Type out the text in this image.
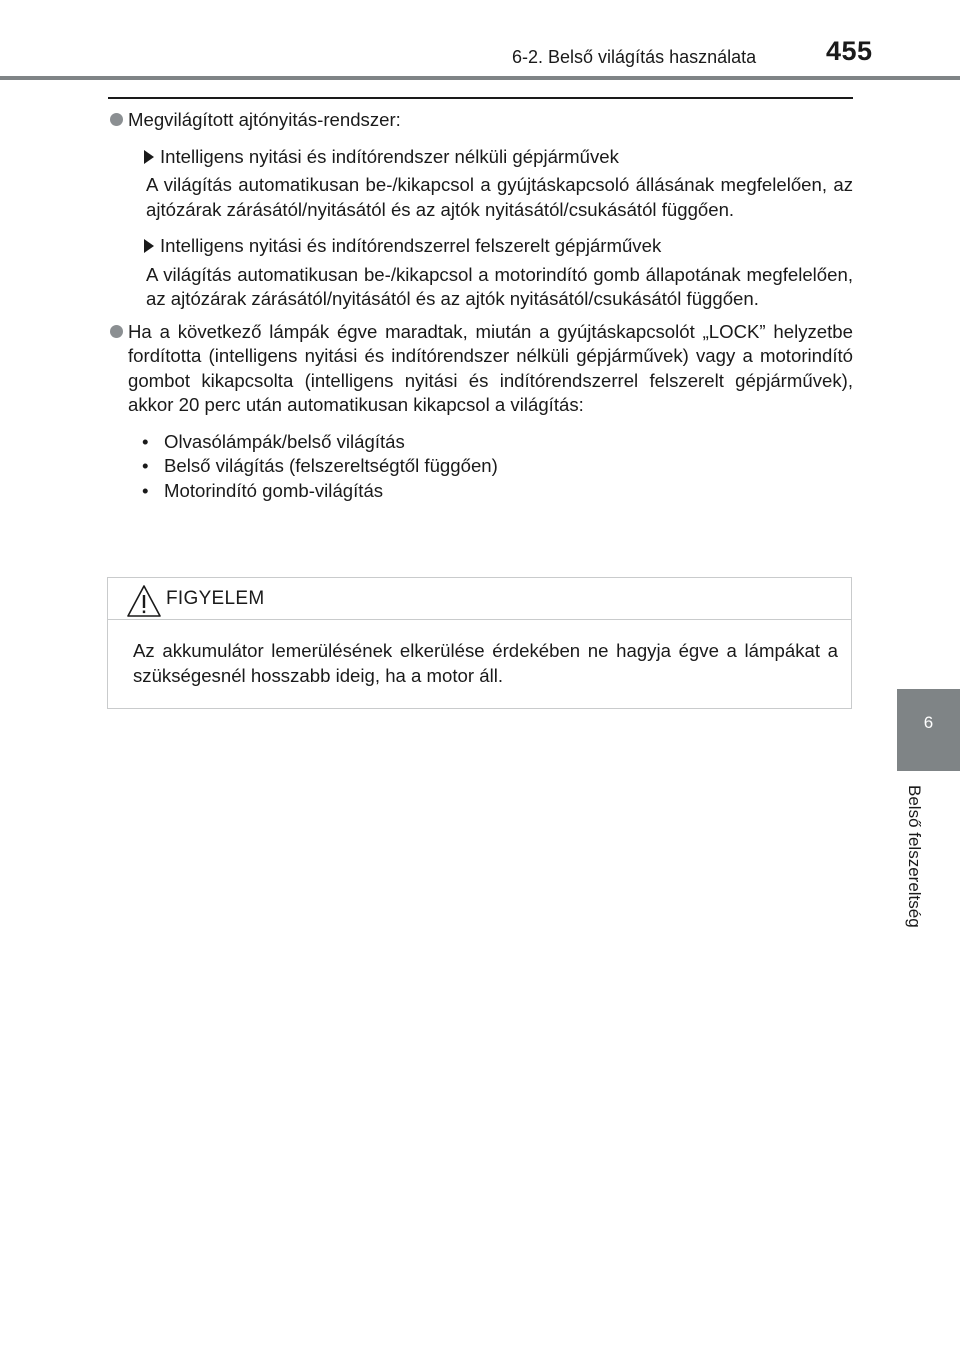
6-2. Belső világítás használata	455
Megvilágított ajtónyitás-rendszer:
Intelligens nyitási és indítórendszer nélküli gépjárművek
A világítás automatikusan be-/kikapcsol a gyújtáskapcsoló állásának megfelelően, az ajtózárak zárásától/nyitásától és az ajtók nyitásától/csukásától függően.
Intelligens nyitási és indítórendszerrel felszerelt gépjárművek
A világítás automatikusan be-/kikapcsol a motorindító gomb állapotának megfelelően, az ajtózárak zárásától/nyitásától és az ajtók nyitásától/csukásától függően.
Ha a következő lámpák égve maradtak, miután a gyújtáskapcsolót „LOCK” helyzetbe fordította (intelligens nyitási és indítórendszer nélküli gépjárművek) vagy a motorindító gombot kikapcsolta (intelligens nyitási és indítórendszerrel felszerelt gépjárművek), akkor 20 perc után automatikusan kikapcsol a világítás:
• Olvasólámpák/belső világítás
• Belső világítás (felszereltségtől függően)
• Motorindító gomb-világítás
FIGYELEM
Az akkumulátor lemerülésének elkerülése érdekében ne hagyja égve a lámpákat a szükségesnél hosszabb ideig, ha a motor áll.
6
Belső felszereltség
